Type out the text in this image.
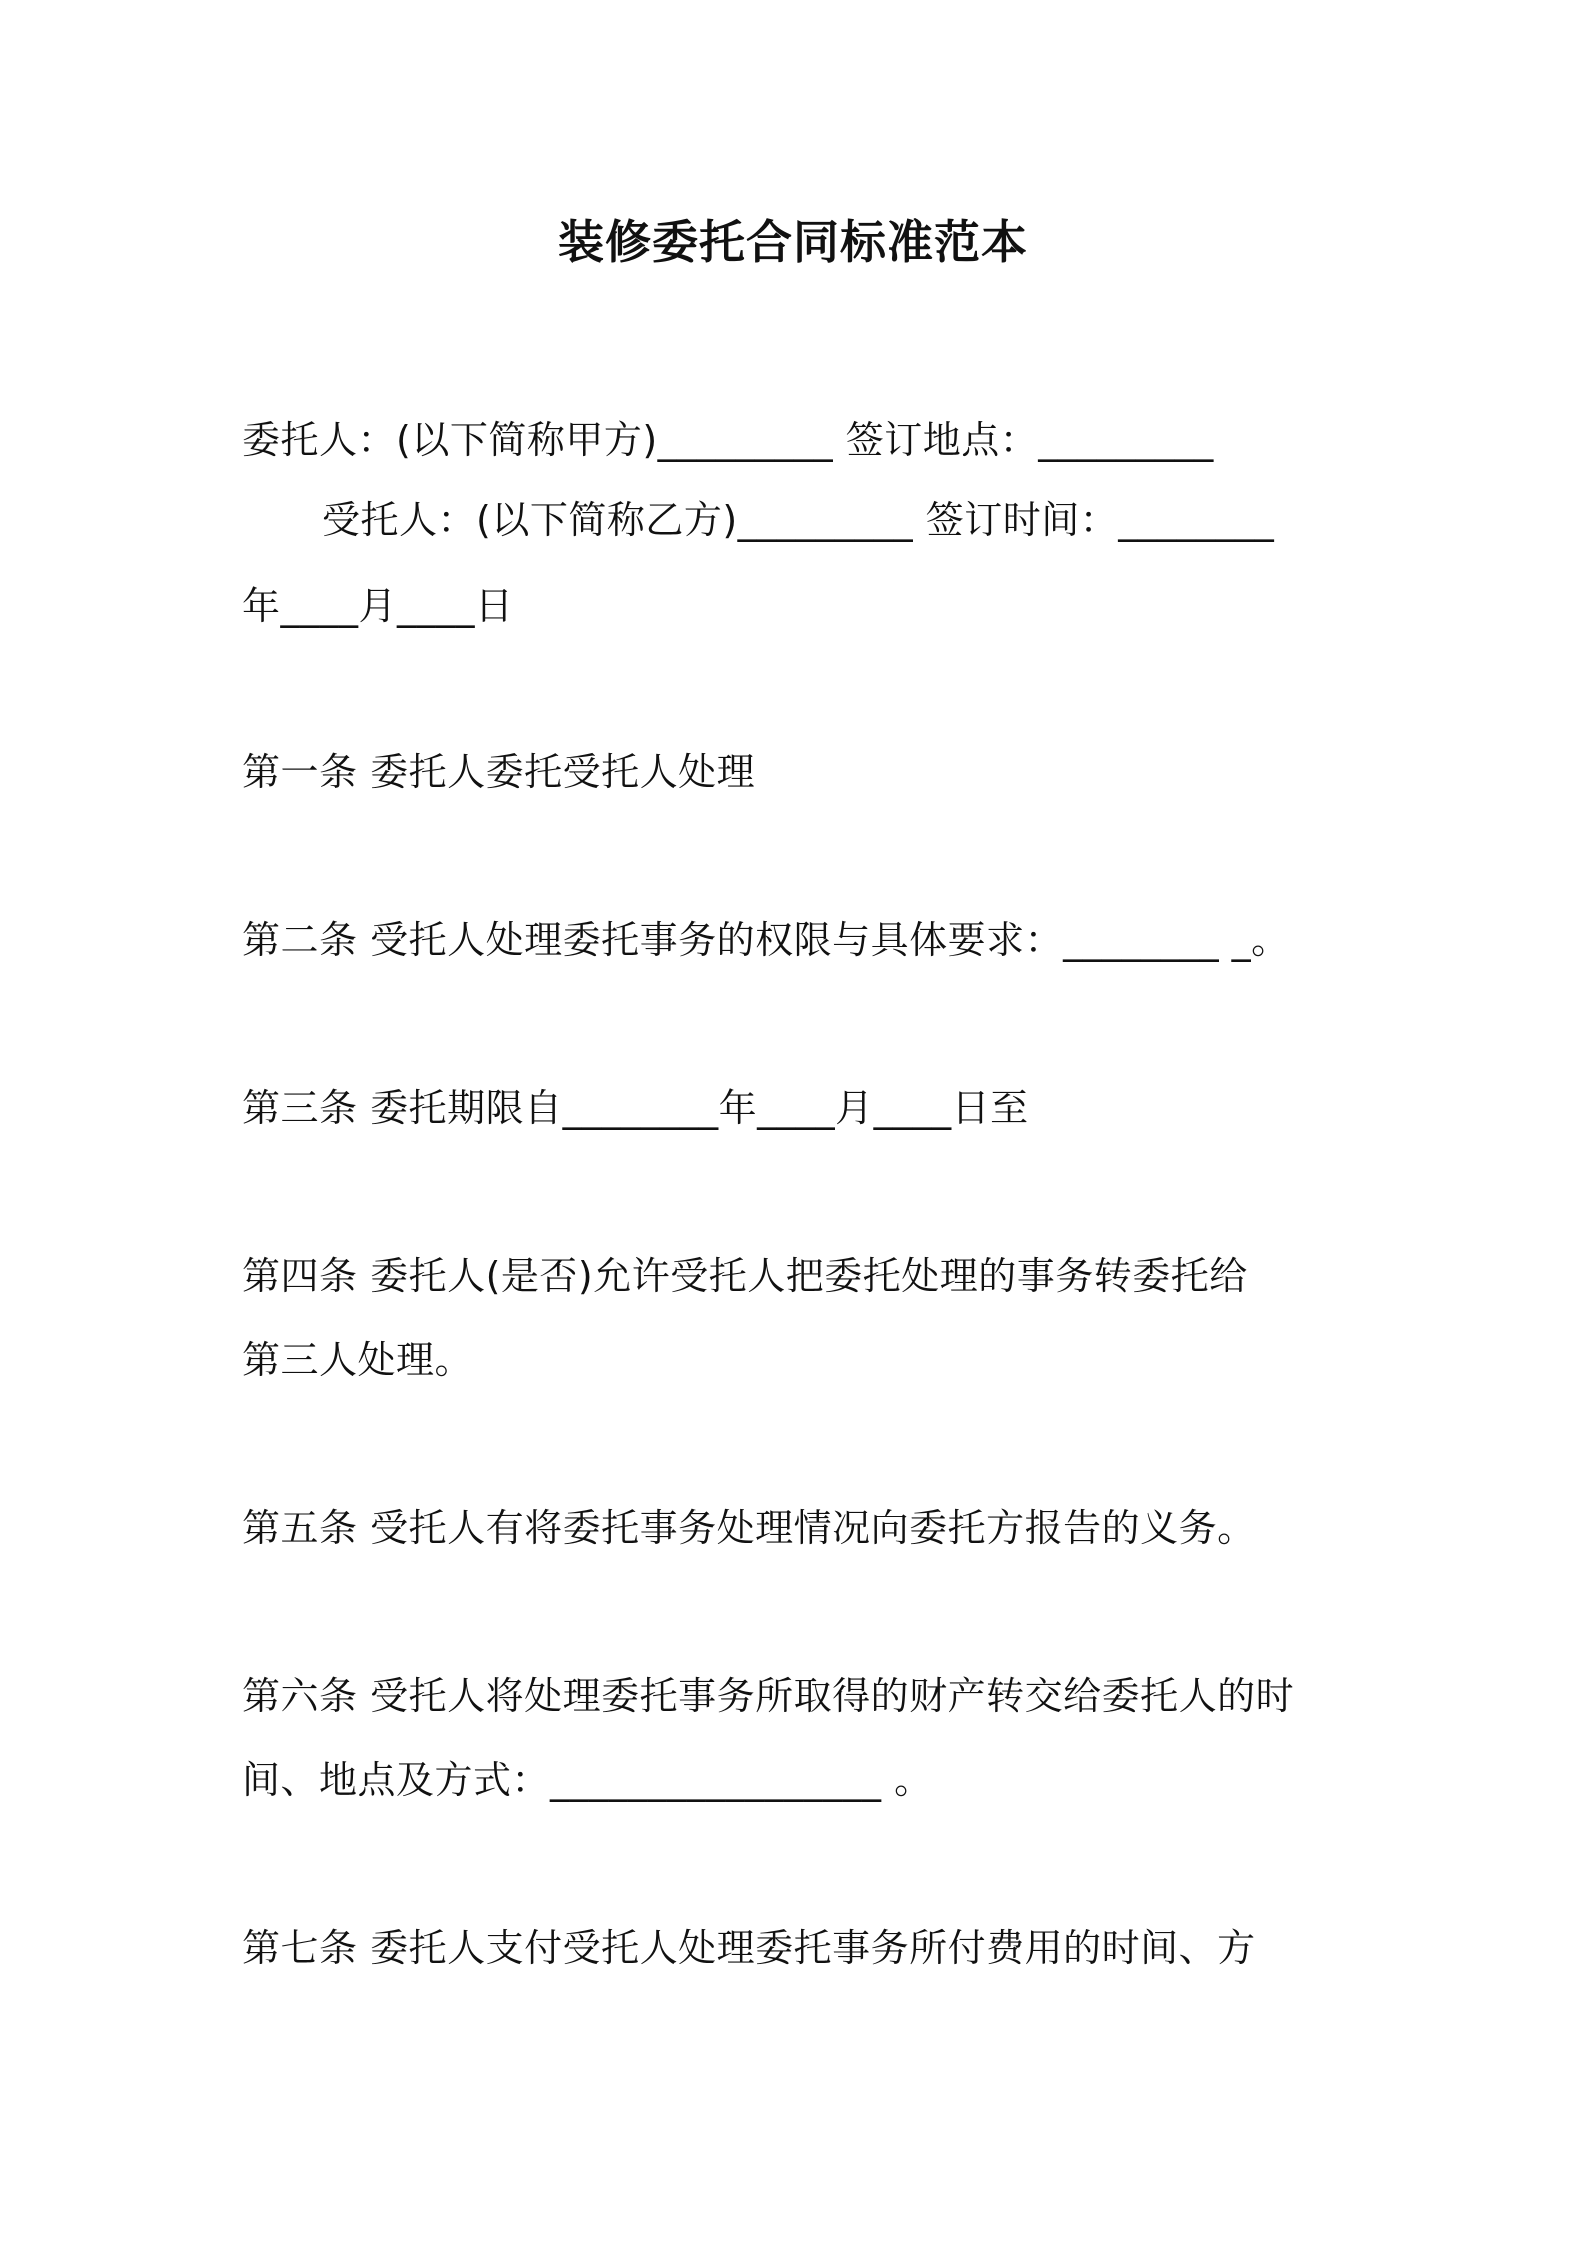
装修委托合同标准范本
委托人：(以下简称甲方)_________ 签订地点：_________
受托人：(以下简称乙方)_________ 签订时间：________
年____月____日
第一条 委托人委托受托人处理
第二条 受托人处理委托事务的权限与具体要求：________ _。
第三条 委托期限自________年____月____日至
第四条 委托人(是否)允许受托人把委托处理的事务转委托给
第三人处理。
第五条 受托人有将委托事务处理情况向委托方报告的义务。
第六条 受托人将处理委托事务所取得的财产转交给委托人的时
间、地点及方式：_________________ 。
第七条 委托人支付受托人处理委托事务所付费用的时间、方
